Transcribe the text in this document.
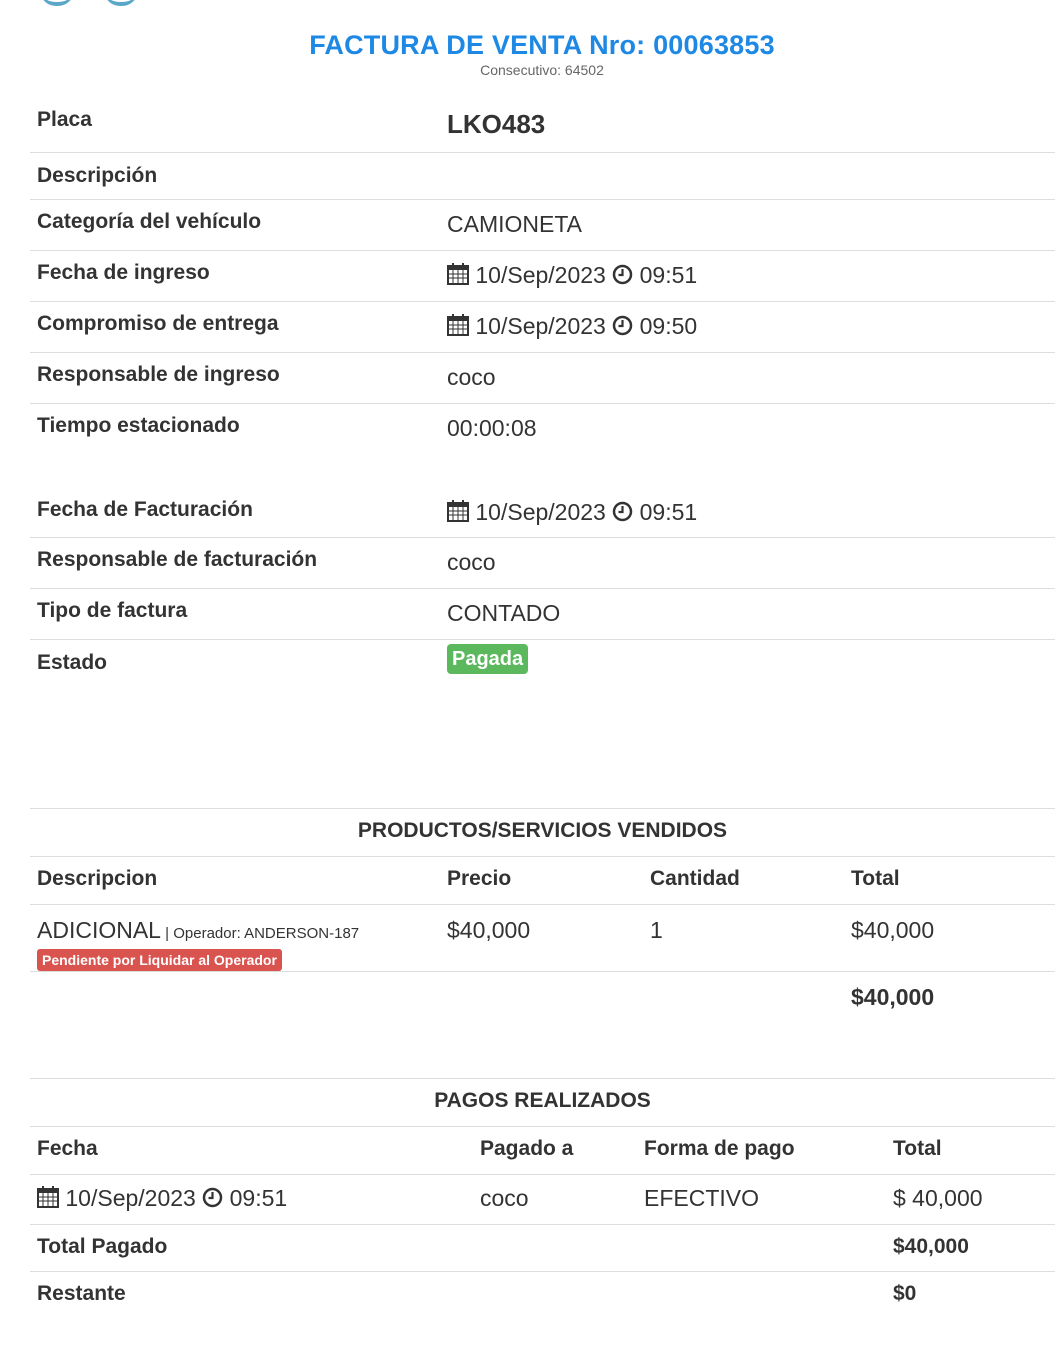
FACTURA DE VENTA Nro: 00063853
Consecutivo: 64502
Placa	LKO483
Descripción	
Categoría del vehículo	CAMIONETA
Fecha de ingreso	10/Sep/2023 09:51
Compromiso de entrega	10/Sep/2023 09:50
Responsable de ingreso	coco
Tiempo estacionado	00:00:08
Fecha de Facturación	10/Sep/2023 09:51
Responsable de facturación	coco
Tipo de factura	CONTADO
Estado	Pagada
PRODUCTOS/SERVICIOS VENDIDOS			
Descripcion	Precio	Cantidad	Total
ADICIONAL | Operador: ANDERSON-187
Pendiente por Liquidar al Operador	$40,000	1	$40,000
			$40,000
PAGOS REALIZADOS			
Fecha	Pagado a	Forma de pago	Total
10/Sep/2023 09:51	coco	EFECTIVO	$ 40,000
Total Pagado			$40,000
Restante			$0
